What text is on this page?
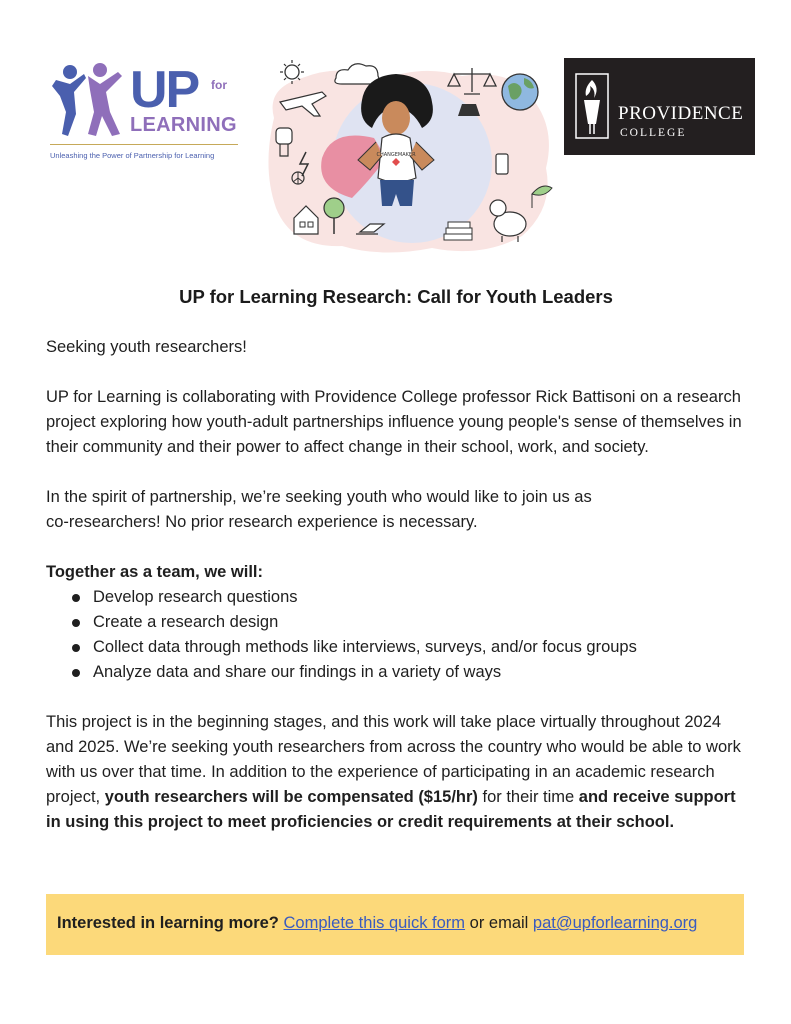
UP for
LEARNING
Unleashing the Power of Partnership for Learning	CHANGEMAKER
PROVIDENCE
COLLEGE
UP for Learning Research: Call for Youth Leaders

Seeking youth researchers!

UP for Learning is collaborating with Providence College professor Rick Battisoni on a research project exploring how youth-adult partnerships influence young people's sense of themselves in their community and their power to affect change in their school, work, and society.

In the spirit of partnership, we’re seeking youth who would like to join us as
co-researchers! No prior research experience is necessary.

Together as a team, we will:

Develop research questions
Create a research design
Collect data through methods like interviews, surveys, and/or focus groups
Analyze data and share our findings in a variety of ways

This project is in the beginning stages, and this work will take place virtually throughout 2024 and 2025. We’re seeking youth researchers from across the country who would be able to work with us over that time. In addition to the experience of participating in an academic research project, youth researchers will be compensated ($15/hr) for their time and receive support in using this project to meet proficiencies or credit requirements at their school.

Interested in learning more? Complete this quick form or email pat@upforlearning.org
